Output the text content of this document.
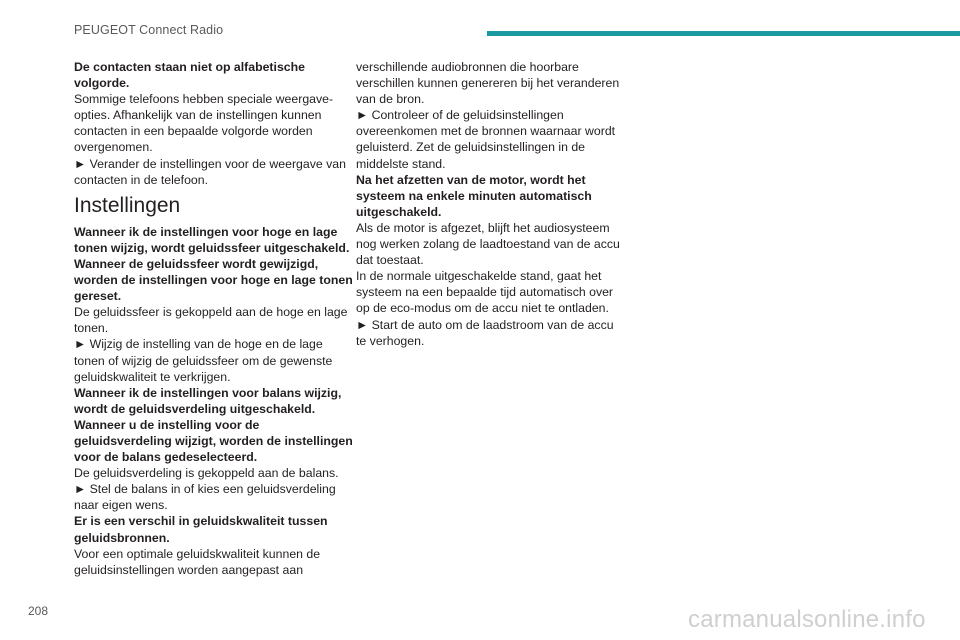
PEUGEOT Connect Radio

De contacten staan niet op alfabetische volgorde.

Sommige telefoons hebben speciale weergave-opties. Afhankelijk van de instellingen kunnen contacten in een bepaalde volgorde worden overgenomen.

► Verander de instellingen voor de weergave van contacten in de telefoon.

Instellingen

Wanneer ik de instellingen voor hoge en lage tonen wijzig, wordt geluidssfeer uitgeschakeld.

Wanneer de geluidssfeer wordt gewijzigd, worden de instellingen voor hoge en lage tonen gereset.

De geluidssfeer is gekoppeld aan de hoge en lage tonen.

► Wijzig de instelling van de hoge en de lage tonen of wijzig de geluidssfeer om de gewenste geluidskwaliteit te verkrijgen.

Wanneer ik de instellingen voor balans wijzig, wordt de geluidsverdeling uitgeschakeld.

Wanneer u de instelling voor de geluidsverdeling wijzigt, worden de instellingen voor de balans gedeselecteerd.

De geluidsverdeling is gekoppeld aan de balans.

► Stel de balans in of kies een geluidsverdeling naar eigen wens.

Er is een verschil in geluidskwaliteit tussen geluidsbronnen.

Voor een optimale geluidskwaliteit kunnen de geluidsinstellingen worden aangepast aan

verschillende audiobronnen die hoorbare verschillen kunnen genereren bij het veranderen van de bron.

► Controleer of de geluidsinstellingen overeenkomen met de bronnen waarnaar wordt geluisterd. Zet de geluidsinstellingen in de middelste stand.

Na het afzetten van de motor, wordt het systeem na enkele minuten automatisch uitgeschakeld.

Als de motor is afgezet, blijft het audiosysteem nog werken zolang de laadtoestand van de accu dat toestaat.

In de normale uitgeschakelde stand, gaat het systeem na een bepaalde tijd automatisch over op de eco-modus om de accu niet te ontladen.

► Start de auto om de laadstroom van de accu te verhogen.

208	carmanualsonline.info
